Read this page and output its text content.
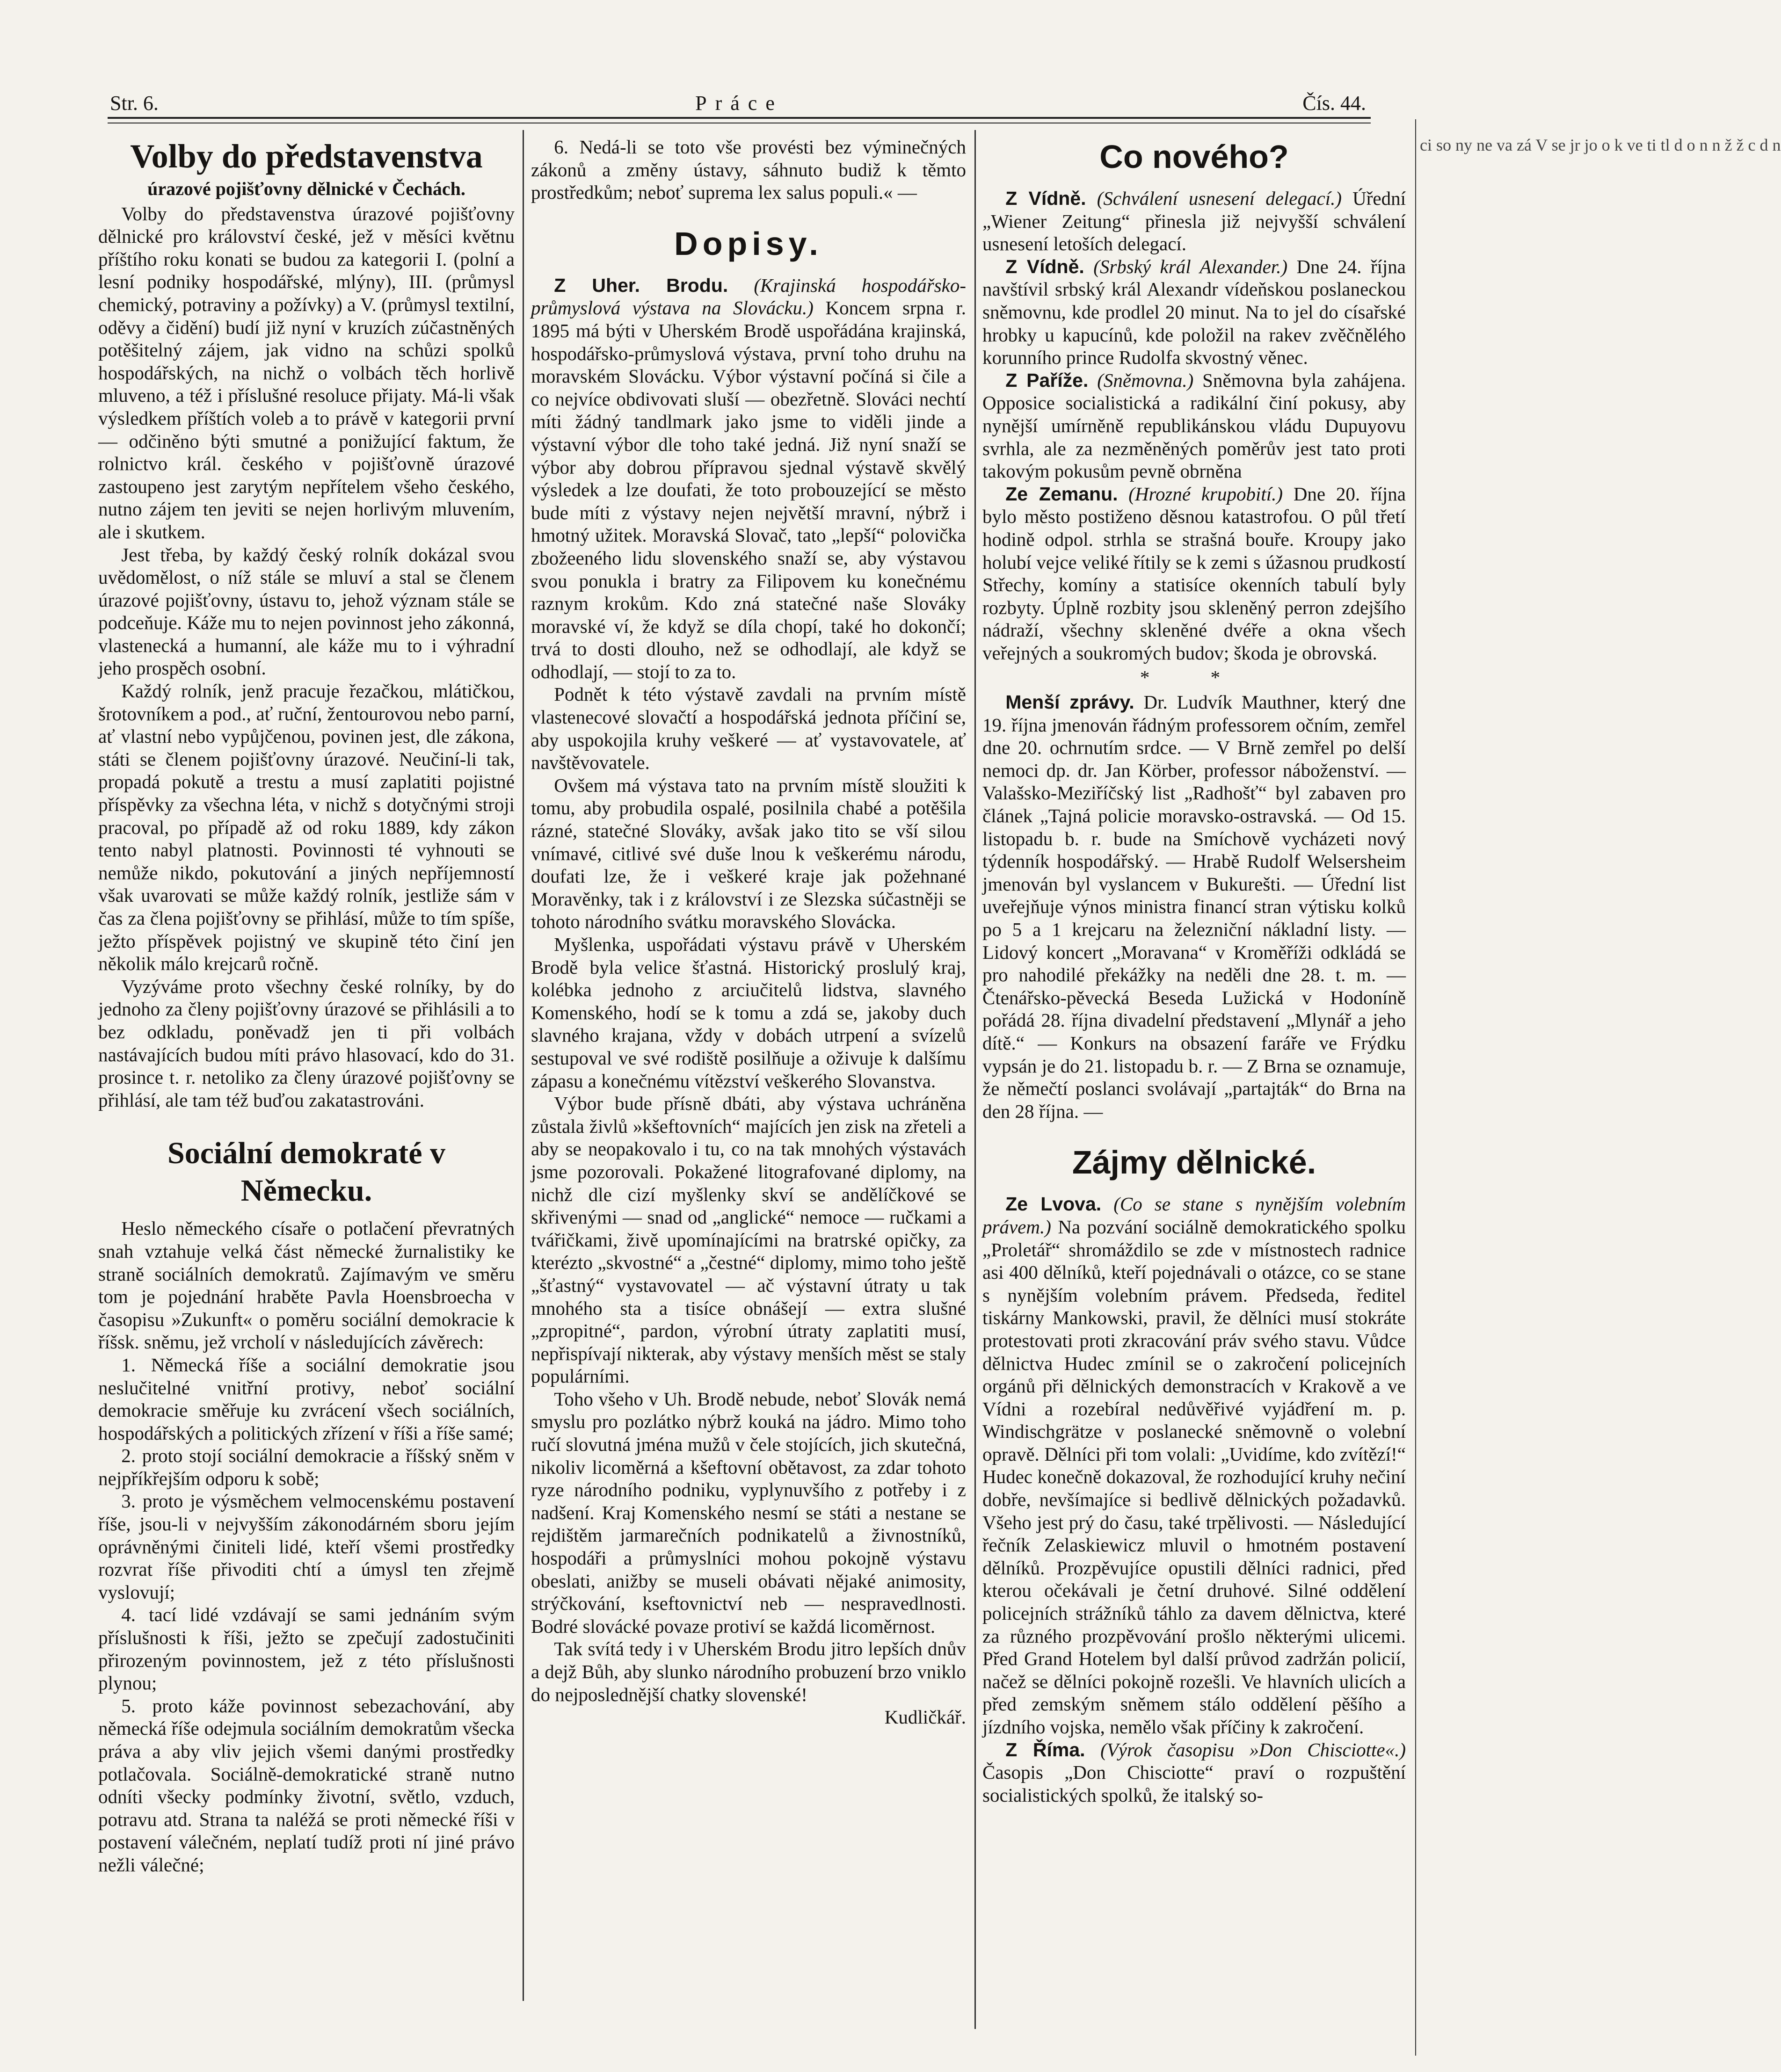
Str. 6.	Práce	Čís. 44.
Volby do představenstva
úrazové pojišťovny dělnické v Čechách.

Volby do představenstva úrazové pojišťovny dělnické pro království české, jež v měsíci květnu příštího roku konati se budou za kategorii I. (polní a lesní podniky hospodářské, mlýny), III. (průmysl chemický, potraviny a požívky) a V. (průmysl textilní, oděvy a čidění) budí již nyní v kruzích zúčastněných potěšitelný zájem, jak vidno na schůzi spolků hospodářských, na nichž o volbách těch horlivě mluveno, a též i příslušné resoluce přijaty. Má-li však výsledkem příštích voleb a to právě v kategorii první — odčiněno býti smutné a ponižující faktum, že rolnictvo král. českého v pojišťovně úrazové zastoupeno jest zarytým nepřítelem všeho českého, nutno zájem ten jeviti se nejen horlivým mluvením, ale i skutkem.

Jest třeba, by každý český rolník dokázal svou uvědomělost, o níž stále se mluví a stal se členem úrazové pojišťovny, ústavu to, jehož význam stále se podceňuje. Káže mu to nejen povinnost jeho zákonná, vlastenecká a humanní, ale káže mu to i výhradní jeho prospěch osobní.

Každý rolník, jenž pracuje řezačkou, mlátičkou, šrotovníkem a pod., ať ruční, žentourovou nebo parní, ať vlastní nebo vypůjčenou, povinen jest, dle zákona, státi se členem pojišťovny úrazové. Neučiní-li tak, propadá pokutě a trestu a musí zaplatiti pojistné příspěvky za všechna léta, v nichž s dotyčnými stroji pracoval, po případě až od roku 1889, kdy zákon tento nabyl platnosti. Povinnosti té vyhnouti se nemůže nikdo, pokutování a jiných nepříjemností však uvarovati se může každý rolník, jestliže sám v čas za člena pojišťovny se přihlásí, může to tím spíše, ježto příspěvek pojistný ve skupině této činí jen několik málo krejcarů ročně.

Vyzýváme proto všechny české rolníky, by do jednoho za členy pojišťovny úrazové se přihlásili a to bez odkladu, poněvadž jen ti při volbách nastávajících budou míti právo hlasovací, kdo do 31. prosince t. r. netoliko za členy úrazové pojišťovny se přihlásí, ale tam též buďou zakatastrováni.

Sociální demokraté v Německu.

Heslo německého císaře o potlačení převratných snah vztahuje velká část německé žurnalistiky ke straně sociálních demokratů. Zajímavým ve směru tom je pojednání hraběte Pavla Hoensbroecha v časopisu »Zukunft« o poměru sociální demokracie k říšsk. sněmu, jež vrcholí v následujících závěrech:

1. Německá říše a sociální demokratie jsou neslučitelné vnitřní protivy, neboť sociální demokracie směřuje ku zvrácení všech sociálních, hospodářských a politických zřízení v říši a říše samé;

2. proto stojí sociální demokracie a říšský sněm v nejpříkřejším odporu k sobě;

3. proto je výsměchem velmocenskému postavení říše, jsou-li v nejvyšším zákonodárném sboru jejím oprávněnými činiteli lidé, kteří všemi prostředky rozvrat říše přivoditi chtí a úmysl ten zřejmě vyslovují;

4. tací lidé vzdávají se sami jednáním svým příslušnosti k říši, ježto se zpečují zadostučiniti přirozeným povinnostem, jež z této příslušnosti plynou;

5. proto káže povinnost sebezachování, aby německá říše odejmula sociálním demokratům všecka práva a aby vliv jejich všemi danými prostředky potlačovala. Sociálně-demokratické straně nutno odníti všecky podmínky životní, světlo, vzduch, potravu atd. Strana ta naléžá se proti německé říši v postavení válečném, neplatí tudíž proti ní jiné právo nežli válečné;

6. Nedá-li se toto vše provésti bez výminečných zákonů a změny ústavy, sáhnuto budiž k těmto prostředkům; neboť suprema lex salus populi.« —

Dopisy.

Z Uher. Brodu. (Krajinská hospodářsko-průmyslová výstava na Slovácku.) Koncem srpna r. 1895 má býti v Uherském Brodě uspořádána krajinská, hospodářsko-průmyslová výstava, první toho druhu na moravském Slovácku. Výbor výstavní počíná si čile a co nejvíce obdivovati sluší — obezřetně. Slováci nechtí míti žádný tandlmark jako jsme to viděli jinde a výstavní výbor dle toho také jedná. Již nyní snaží se výbor aby dobrou přípravou sjednal výstavě skvělý výsledek a lze doufati, že toto probouzející se město bude míti z výstavy nejen největší mravní, nýbrž i hmotný užitek. Moravská Slovač, tato „lepší“ polovička zbožeeného lidu slovenského snaží se, aby výstavou svou ponukla i bratry za Filipovem ku konečnému raznym krokům. Kdo zná statečné naše Slováky moravské ví, že když se díla chopí, také ho dokončí; trvá to dosti dlouho, než se odhodlají, ale když se odhodlají, — stojí to za to.

Podnět k této výstavě zavdali na prvním místě vlastenecové slovačtí a hospodářská jednota příčiní se, aby uspokojila kruhy veškeré — ať vystavovatele, ať navštěvovatele.

Ovšem má výstava tato na prvním místě sloužiti k tomu, aby probudila ospalé, posilnila chabé a potěšila rázné, statečné Slováky, avšak jako tito se vší silou vnímavé, citlivé své duše lnou k veškerému národu, doufati lze, že i veškeré kraje jak požehnané Moravěnky, tak i z království i ze Slezska súčastněji se tohoto národního svátku moravského Slovácka.

Myšlenka, uspořádati výstavu právě v Uherském Brodě byla velice šťastná. Historický proslulý kraj, kolébka jednoho z arciučitelů lidstva, slavného Komenského, hodí se k tomu a zdá se, jakoby duch slavného krajana, vždy v dobách utrpení a svízelů sestupoval ve své rodiště posilňuje a oživuje k dalšímu zápasu a konečnému vítězství veškerého Slovanstva.

Výbor bude přísně dbáti, aby výstava uchráněna zůstala živlů »kšeftovních“ majících jen zisk na zřeteli a aby se neopakovalo i tu, co na tak mnohých výstavách jsme pozorovali. Pokažené litografované diplomy, na nichž dle cizí myšlenky skví se andělíčkové se skřivenými — snad od „anglické“ nemoce — ručkami a tvářičkami, živě upomínajícími na bratrské opičky, za kterézto „skvostné“ a „čestné“ diplomy, mimo toho ještě „šťastný“ vystavovatel — ač výstavní útraty u tak mnohého sta a tisíce obnášejí — extra slušné „zpropitné“, pardon, výrobní útraty zaplatiti musí, nepřispívají nikterak, aby výstavy menších měst se staly populárními.

Toho všeho v Uh. Brodě nebude, neboť Slovák nemá smyslu pro pozlátko nýbrž kouká na jádro. Mimo toho ručí slovutná jména mužů v čele stojících, jich skutečná, nikoliv licoměrná a kšeftovní obětavost, za zdar tohoto ryze národního podniku, vyplynuvšího z potřeby i z nadšení. Kraj Komenského nesmí se státi a nestane se rejdištěm jarmarečních podnikatelů a živnostníků, hospodáři a průmyslníci mohou pokojně výstavu obeslati, anižby se museli obávati nějaké animosity, strýčkování, kseftovnictví neb — nespravedlnosti. Bodré slovácké povaze protiví se každá licoměrnost.

Tak svítá tedy i v Uherském Brodu jitro lepších dnův a dejž Bůh, aby slunko národního probuzení brzo vniklo do nejposlednější chatky slovenské!

Kudličkář.
Co nového?

Z Vídně. (Schválení usnesení delegací.) Úřední „Wiener Zeitung“ přinesla již nejvyšší schválení usnesení letoších delegací.

Z Vídně. (Srbský král Alexander.) Dne 24. října navštívil srbský král Alexandr vídeňskou poslaneckou sněmovnu, kde prodlel 20 minut. Na to jel do císařské hrobky u kapucínů, kde položil na rakev zvěčnělého korunního prince Rudolfa skvostný věnec.

Z Paříže. (Sněmovna.) Sněmovna byla zahájena. Opposice socialistická a radikální činí pokusy, aby nynější umírněně republikánskou vládu Dupuyovu svrhla, ale za nezměněných poměrův jest tato proti takovým pokusům pevně obrněna

Ze Zemanu. (Hrozné krupobití.) Dne 20. října bylo město postiženo děsnou katastrofou. O půl třetí hodině odpol. strhla se strašná bouře. Kroupy jako holubí vejce veliké řítily se k zemi s úžasnou prudkostí Střechy, komíny a statisíce okenních tabulí byly rozbyty. Úplně rozbity jsou skleněný perron zdejšího nádraží, všechny skleněné dvéře a okna všech veřejných a soukromých budov; škoda je obrovská.

* *

Menší zprávy. Dr. Ludvík Mauthner, který dne 19. října jmenován řádným professorem očním, zemřel dne 20. ochrnutím srdce. — V Brně zemřel po delší nemoci dp. dr. Jan Körber, professor náboženství. — Valašsko-Meziříčský list „Radhošť“ byl zabaven pro článek „Tajná policie moravsko-ostravská. — Od 15. listopadu b. r. bude na Smíchově vycházeti nový týdenník hospodářský. — Hrabě Rudolf Welsersheim jmenován byl vyslancem v Bukurešti. — Úřední list uveřejňuje výnos ministra financí stran výtisku kolků po 5 a 1 krejcaru na železniční nákladní listy. — Lidový koncert „Moravana“ v Kroměříži odkládá se pro nahodilé překážky na neděli dne 28. t. m. — Čtenářsko-pěvecká Beseda Lužická v Hodoníně pořádá 28. října divadelní představení „Mlynář a jeho dítě.“ — Konkurs na obsazení faráře ve Frýdku vypsán je do 21. listopadu b. r. — Z Brna se oznamuje, že němečtí poslanci svolávají „partajták“ do Brna na den 28 října. —

Zájmy dělnické.

Ze Lvova. (Co se stane s nynějším volebním právem.) Na pozvání sociálně demokratického spolku „Proletář“ shromáždilo se zde v místnostech radnice asi 400 dělníků, kteří pojednávali o otázce, co se stane s nynějším volebním právem. Předseda, ředitel tiskárny Mankowski, pravil, že dělníci musí stokráte protestovati proti zkracování práv svého stavu. Vůdce dělnictva Hudec zmínil se o zakročení policejních orgánů při dělnických demonstracích v Krakově a ve Vídni a rozebíral nedůvěřivé vyjádření m. p. Windischgrätze v poslanecké sněmovně o volební opravě. Dělníci při tom volali: „Uvidíme, kdo zvítězí!“ Hudec konečně dokazoval, že rozhodující kruhy nečiní dobře, nevšímajíce si bedlivě dělnických požadavků. Všeho jest prý do času, také trpělivosti. — Následující řečník Zelaskiewicz mluvil o hmotném postavení dělníků. Prozpěvujíce opustili dělníci radnici, před kterou očekávali je četní druhové. Silné oddělení policejních strážníků táhlo za davem dělnictva, které za různého prozpěvování prošlo některými ulicemi. Před Grand Hotelem byl další průvod zadržán policií, načež se dělníci pokojně rozešli. Ve hlavních ulicích a před zemským sněmem stálo oddělení pěšího a jízdního vojska, nemělo však příčiny k zakročení.

Z Říma. (Výrok časopisu »Don Chisciotte«.) Časopis „Don Chisciotte“ praví o rozpuštění socialistických spolků, že italský so-

ci so ny ne va zá V se jr jo o k ve ti tl d o n n ž ž c d n
